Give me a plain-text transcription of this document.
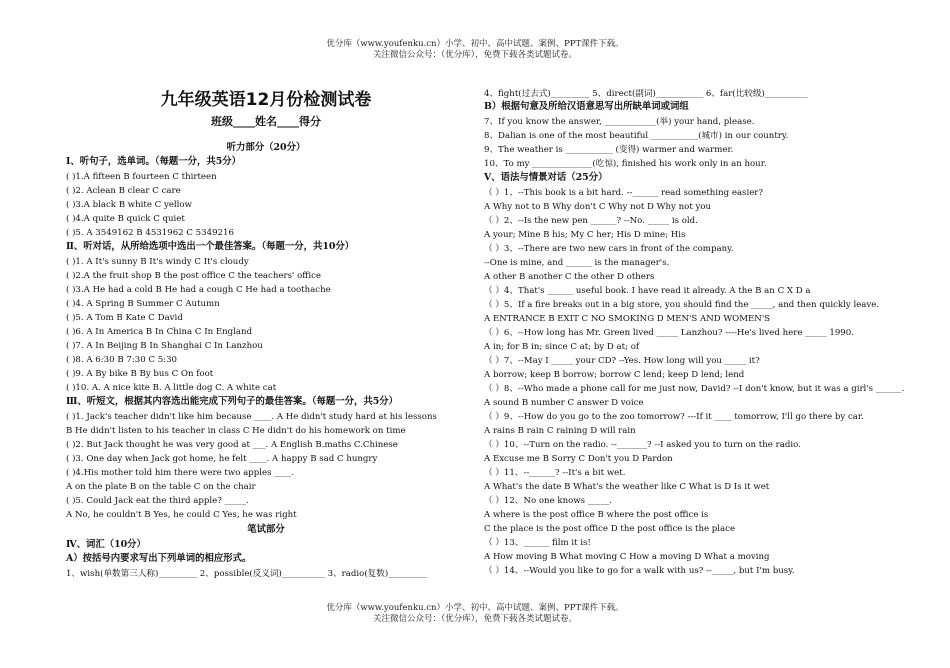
优分库（www.youfenku.cn）小学、初中、高中试题、案例、PPT课件下载。
关注微信公众号：（优分库），免费下载各类试题试卷。
九年级英语12月份检测试卷
班级____姓名____得分
听力部分（20分）
Ⅰ、听句子，选单词。（每题一分，共5分）
( )1.A fifteen B fourteen C thirteen
( )2. Aclean B clear C care
( )3.A black B white C yellow
( )4.A quite B quick C quiet
( )5. A 3549162 B 4531962 C 5349216
Ⅱ、听对话，从所给选项中选出一个最佳答案。（每题一分，共10分）
( )1. A It's sunny B It's windy C It's cloudy
( )2.A the fruit shop B the post office C the teachers' office
( )3.A He had a cold B He had a cough C He had a toothache
( )4. A Spring B Summer C Autumn
( )5. A Tom B Kate C David
( )6. A In America B In China C In England
( )7. A In Beijing B In Shanghai C In Lanzhou
( )8. A 6:30 B 7:30 C 5:30
( )9. A By bike B By bus C On foot
( )10. A. A nice kite B. A little dog C. A white cat
Ⅲ、听短文，根据其内容选出能完成下列句子的最佳答案。（每题一分，共5分）
( )1. Jack's teacher didn't like him because ____. A He didn't study hard at his lessons
B He didn't listen to his teacher in class C He didn't do his homework on time
( )2. But Jack thought he was very good at ___. A English B.maths C.Chinese
( )3. One day when Jack got home, he felt ____. A happy B sad C hungry
( )4.His mother told him there were two apples ____.
A on the plate B on the table C on the chair
( )5. Could Jack eat the third apple? _____.
A No, he couldn't B Yes, he could C Yes, he was right
笔试部分
Ⅳ、词汇（10分）
A）按括号内要求写出下列单词的相应形式。
1、wish(单数第三人称)_________ 2、possible(反义词)__________ 3、radio(复数)_________
4、fight(过去式)_________ 5、direct(副词)___________ 6、far(比较级)__________
B）根据句意及所给汉语意思写出所缺单词或词组
7、If you know the answer, ____________(举) your hand, please.
8、Dalian is one of the most beautiful ___________(城市) in our country.
9、The weather is ___________ (变得) warmer and warmer.
10、To my ______________(吃惊), finished his work only in an hour.
Ⅴ、语法与情景对话（25分）
（ ）1、--This book is a bit hard. --______ read something easier?
A Why not to B Why don't C Why not D Why not you
（ ）2、--Is the new pen ______? --No. _____ is old.
A your; Mine B his; My C her; His D mine; His
（ ）3、--There are two new cars in front of the company.
--One is mine, and ______ is the manager's.
A other B another C the other D others
（ ）4、That's ______ useful book. I have read it already. A the B an C X D a
（ ）5、If a fire breaks out in a big store, you should find the _____, and then quickly leave.
A ENTRANCE B EXIT C NO SMOKING D MEN'S AND WOMEN'S
（ ）6、--How long has Mr. Green lived _____ Lanzhou? ----He's lived here _____ 1990.
A in; for B in; since C at; by D at; of
（ ）7、--May I _____ your CD? --Yes. How long will you _____ it?
A borrow; keep B borrow; borrow C lend; keep D lend; lend
（ ）8、--Who made a phone call for me just now, David? --I don't know, but it was a girl's ______.
A sound B number C answer D voice
（ ）9、--How do you go to the zoo tomorrow? ---If it ____ tomorrow, I'll go there by car.
A rains B rain C raining D will rain
（ ）10、--Turn on the radio. --_______? --I asked you to turn on the radio.
A Excuse me B Sorry C Don't you D Pardon
（ ）11、--______? --It's a bit wet.
A What's the date B What's the weather like C What is D Is it wet
（ ）12、No one knows _____.
A where is the post office B where the post office is
C the place is the post office D the post office is the place
（ ）13、______ film it is!
A How moving B What moving C How a moving D What a moving
（ ）14、--Would you like to go for a walk with us? --_____, but I'm busy.
优分库（www.youfenku.cn）小学、初中、高中试题、案例、PPT课件下载。
关注微信公众号：（优分库），免费下载各类试题试卷。
